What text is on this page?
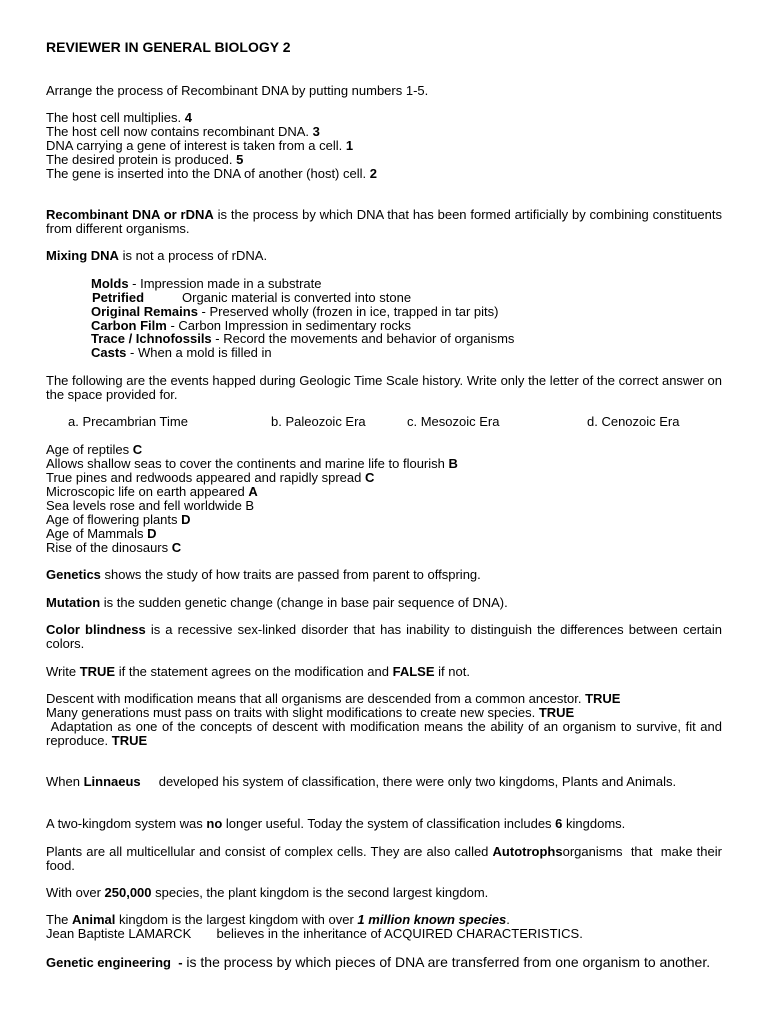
REVIEWER IN GENERAL BIOLOGY 2
Arrange the process of Recombinant DNA by putting numbers 1-5.
The host cell multiplies. 4
The host cell now contains recombinant DNA. 3
DNA carrying a gene of interest is taken from a cell. 1
The desired protein is produced. 5
The gene is inserted into the DNA of another (host) cell. 2
Recombinant DNA or rDNA is the process by which DNA that has been formed artificially by combining constituents from different organisms.
Mixing DNA is not a process of rDNA.
Molds - Impression made in a substrate
Petrified	Organic material is converted into stone
Original Remains - Preserved wholly (frozen in ice, trapped in tar pits)
Carbon Film - Carbon Impression in sedimentary rocks
Trace / Ichnofossils - Record the movements and behavior of organisms
Casts - When a mold is filled in
The following are the events happed during Geologic Time Scale history. Write only the letter of the correct answer on the space provided for.
a. Precambrian Time	b. Paleozoic Era	c. Mesozoic Era	d. Cenozoic Era
Age of reptiles C
Allows shallow seas to cover the continents and marine life to flourish B
True pines and redwoods appeared and rapidly spread C
Microscopic life on earth appeared A
Sea levels rose and fell worldwide B
Age of flowering plants D
Age of Mammals D
Rise of the dinosaurs C
Genetics shows the study of how traits are passed from parent to offspring.
Mutation is the sudden genetic change (change in base pair sequence of DNA).
Color blindness is a recessive sex-linked disorder that has inability to distinguish the differences between certain colors.
Write TRUE if the statement agrees on the modification and FALSE if not.
Descent with modification means that all organisms are descended from a common ancestor. TRUE
Many generations must pass on traits with slight modifications to create new species. TRUE
Adaptation as one of the concepts of descent with modification means the ability of an organism to survive, fit and reproduce. TRUE
When Linnaeus     developed his system of classification, there were only two kingdoms, Plants and Animals.
A two-kingdom system was no longer useful. Today the system of classification includes 6 kingdoms.
Plants are all multicellular and consist of complex cells. They are also called Autotrophsorganisms  that  make their food.
With over 250,000 species, the plant kingdom is the second largest kingdom.
The Animal kingdom is the largest kingdom with over 1 million known species.
Jean Baptiste LAMARCK       believes in the inheritance of ACQUIRED CHARACTERISTICS.
Genetic engineering  - is the process by which pieces of DNA are transferred from one organism to another.
